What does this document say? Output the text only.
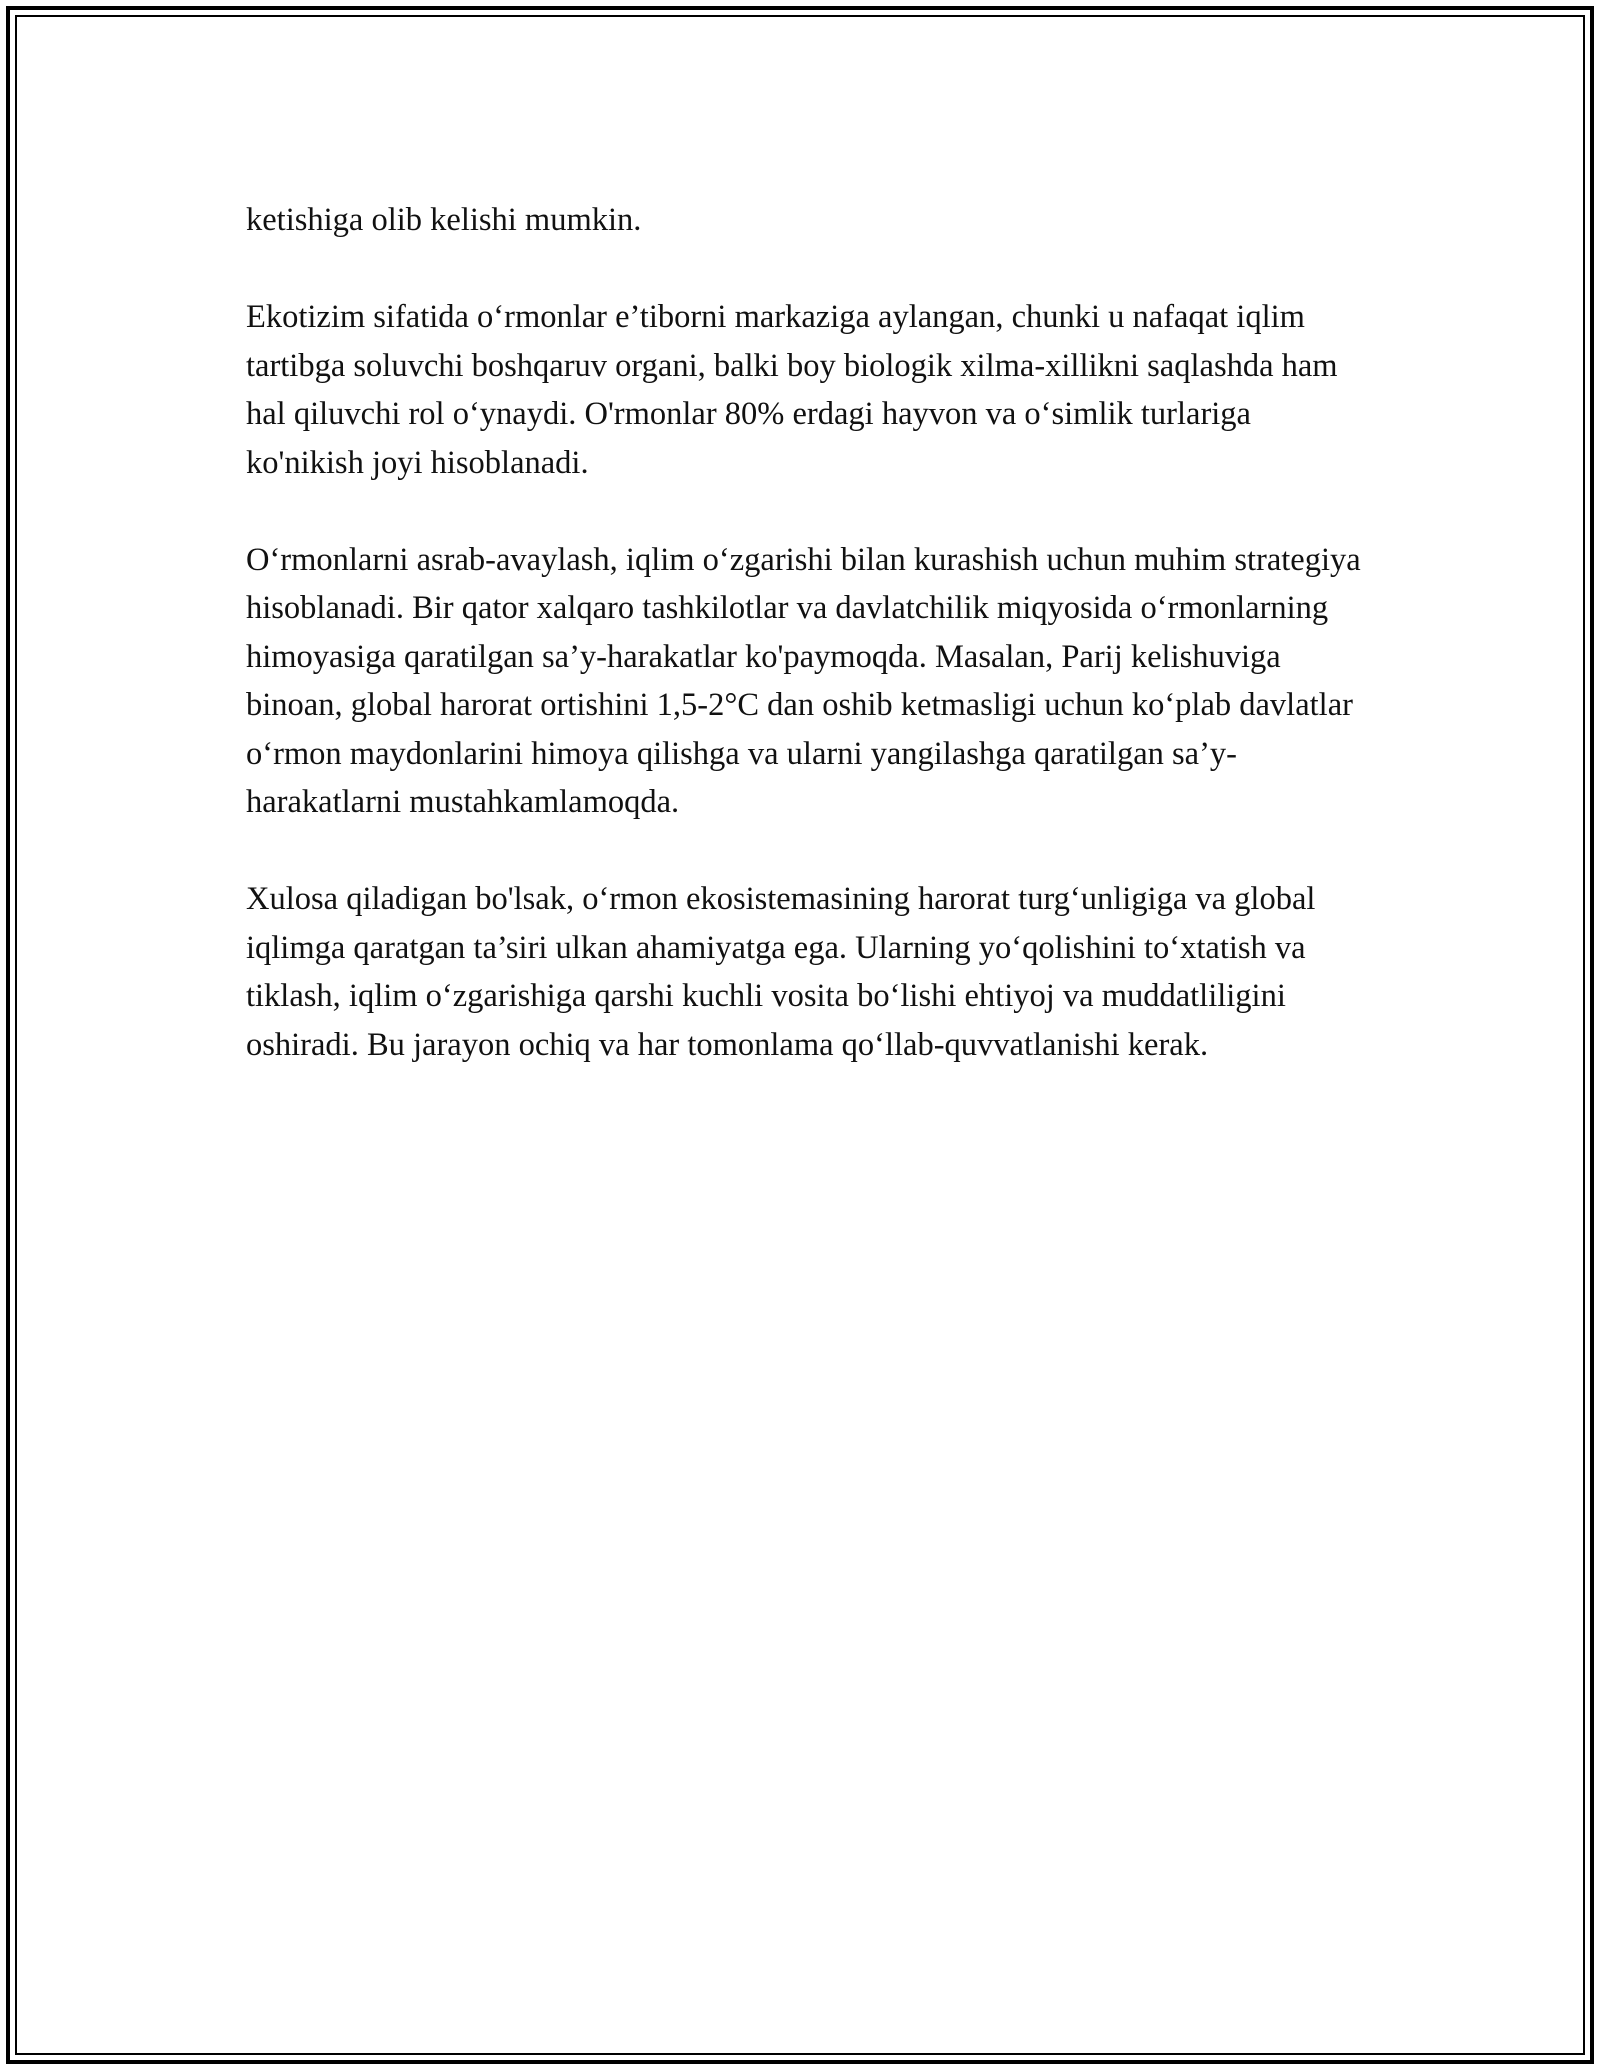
ketishiga olib kelishi mumkin.

Ekotizim sifatida o‘rmonlar e’tiborni markaziga aylangan, chunki u nafaqat iqlim tartibga soluvchi boshqaruv organi, balki boy biologik xilma-xillikni saqlashda ham hal qiluvchi rol o‘ynaydi. O'rmonlar 80% erdagi hayvon va o‘simlik turlariga ko'nikish joyi hisoblanadi.

O‘rmonlarni asrab-avaylash, iqlim o‘zgarishi bilan kurashish uchun muhim strategiya hisoblanadi. Bir qator xalqaro tashkilotlar va davlatchilik miqyosida o‘rmonlarning himoyasiga qaratilgan sa’y-harakatlar ko'paymoqda. Masalan, Parij kelishuviga binoan, global harorat ortishini 1,5-2°C dan oshib ketmasligi uchun ko‘plab davlatlar o‘rmon maydonlarini himoya qilishga va ularni yangilashga qaratilgan sa’y-harakatlarni mustahkamlamoqda.

Xulosa qiladigan bo'lsak, o‘rmon ekosistemasining harorat turg‘unligiga va global iqlimga qaratgan ta’siri ulkan ahamiyatga ega. Ularning yo‘qolishini to‘xtatish va tiklash, iqlim o‘zgarishiga qarshi kuchli vosita bo‘lishi ehtiyoj va muddatliligini oshiradi. Bu jarayon ochiq va har tomonlama qo‘llab-quvvatlanishi kerak.
